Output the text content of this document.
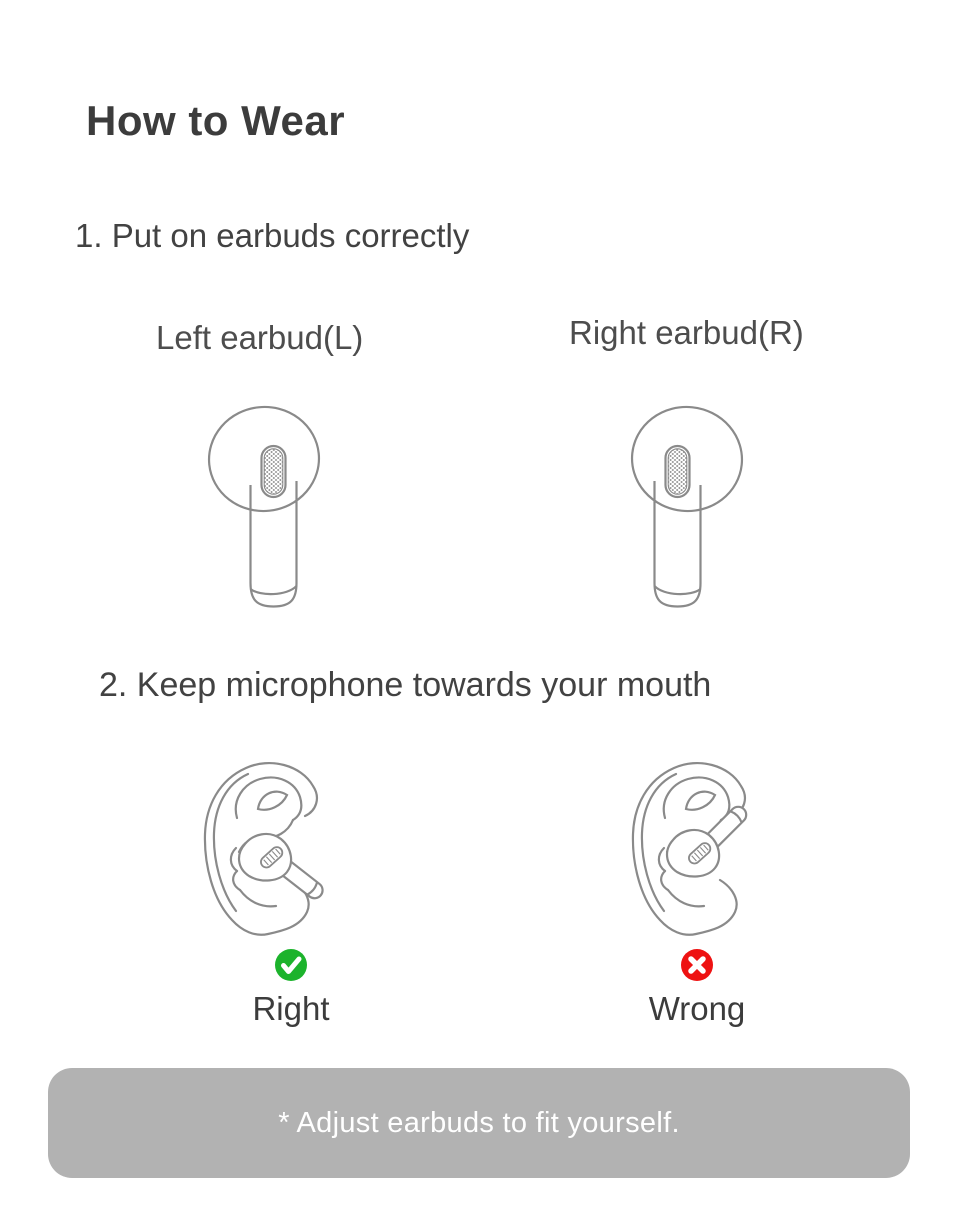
How to Wear
1. Put on earbuds correctly
Left earbud(L)	Right earbud(R)
2. Keep microphone towards your mouth
Right	Wrong
* Adjust earbuds to fit yourself.
